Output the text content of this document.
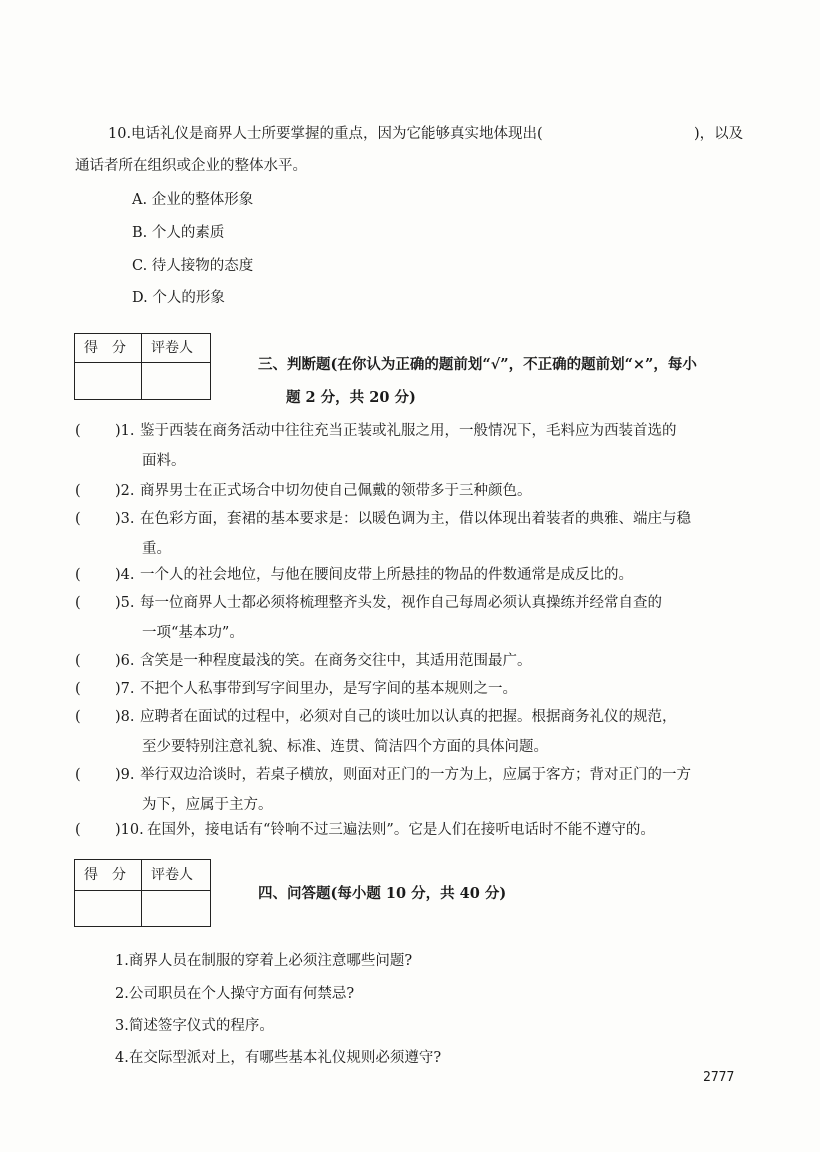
10.电话礼仪是商界人士所要掌握的重点，因为它能够真实地体现出(	)，以及
通话者所在组织或企业的整体水平。
A. 企业的整体形象
B. 个人的素质
C. 待人接物的态度
D. 个人的形象
得　分 评卷人
三、判断题(在你认为正确的题前划“√”，不正确的题前划“×”，每小
题 2 分，共 20 分)
( )1. 鉴于西装在商务活动中往往充当正装或礼服之用，一般情况下，毛料应为西装首选的
面料。
( )2. 商界男士在正式场合中切勿使自己佩戴的领带多于三种颜色。
( )3. 在色彩方面，套裙的基本要求是：以暖色调为主，借以体现出着装者的典雅、端庄与稳
重。
( )4. 一个人的社会地位，与他在腰间皮带上所悬挂的物品的件数通常是成反比的。
( )5. 每一位商界人士都必须将梳理整齐头发，视作自己每周必须认真操练并经常自查的
一项“基本功”。
( )6. 含笑是一种程度最浅的笑。在商务交往中，其适用范围最广。
( )7. 不把个人私事带到写字间里办，是写字间的基本规则之一。
( )8. 应聘者在面试的过程中，必须对自己的谈吐加以认真的把握。根据商务礼仪的规范，
至少要特别注意礼貌、标准、连贯、简洁四个方面的具体问题。
( )9. 举行双边洽谈时，若桌子横放，则面对正门的一方为上，应属于客方；背对正门的一方
为下，应属于主方。
( )10. 在国外，接电话有“铃响不过三遍法则”。它是人们在接听电话时不能不遵守的。
得　分 评卷人
四、问答题(每小题 10 分，共 40 分)
1.商界人员在制服的穿着上必须注意哪些问题?
2.公司职员在个人操守方面有何禁忌?
3.简述签字仪式的程序。
4.在交际型派对上，有哪些基本礼仪规则必须遵守?
2777
